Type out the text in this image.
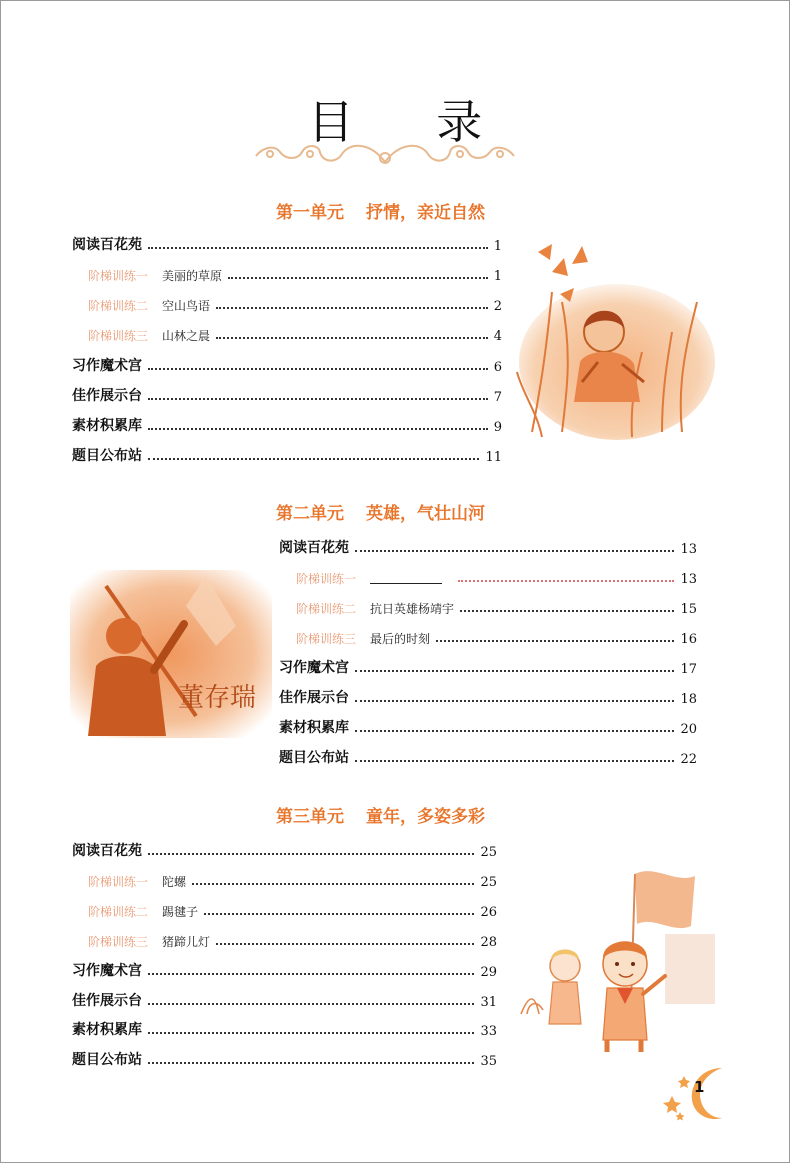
目 录
第一单元 抒情，亲近自然
阅读百花苑	1
阶梯训练一 美丽的草原	1
阶梯训练二 空山鸟语	2
阶梯训练三 山林之晨	4
习作魔术宫	6
佳作展示台	7
素材积累库	9
题目公布站	11
第二单元 英雄，气壮山河
董存瑞
阅读百花苑	13
阶梯训练一	13
阶梯训练二 抗日英雄杨靖宇	15
阶梯训练三 最后的时刻	16
习作魔术宫	17
佳作展示台	18
素材积累库	20
题目公布站	22
第三单元 童年，多姿多彩
阅读百花苑	25
阶梯训练一 陀螺	25
阶梯训练二 踢毽子	26
阶梯训练三 猪蹄儿灯	28
习作魔术宫	29
佳作展示台	31
素材积累库	33
题目公布站	35
1
